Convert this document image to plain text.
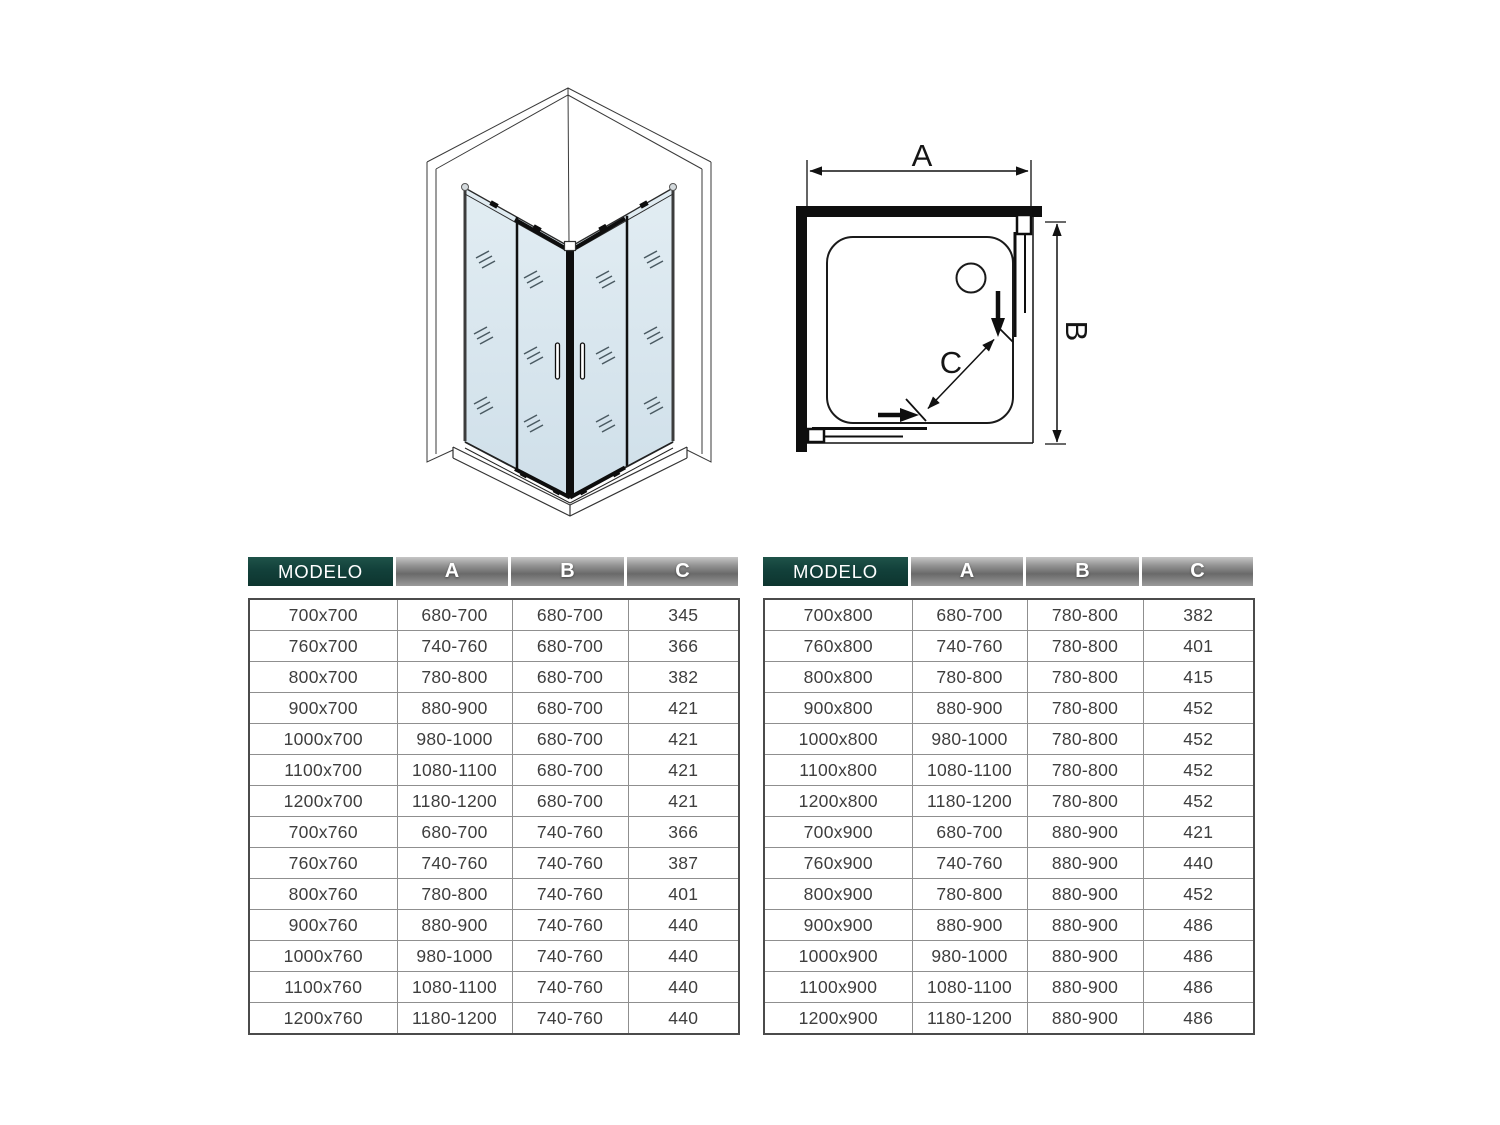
C
A
B
MODELO	A	B	C
700x700	680-700	680-700	345
760x700	740-760	680-700	366
800x700	780-800	680-700	382
900x700	880-900	680-700	421
1000x700	980-1000	680-700	421
1100x700	1080-1100	680-700	421
1200x700	1180-1200	680-700	421
700x760	680-700	740-760	366
760x760	740-760	740-760	387
800x760	780-800	740-760	401
900x760	880-900	740-760	440
1000x760	980-1000	740-760	440
1100x760	1080-1100	740-760	440
1200x760	1180-1200	740-760	440
MODELO	A	B	C
700x800	680-700	780-800	382
760x800	740-760	780-800	401
800x800	780-800	780-800	415
900x800	880-900	780-800	452
1000x800	980-1000	780-800	452
1100x800	1080-1100	780-800	452
1200x800	1180-1200	780-800	452
700x900	680-700	880-900	421
760x900	740-760	880-900	440
800x900	780-800	880-900	452
900x900	880-900	880-900	486
1000x900	980-1000	880-900	486
1100x900	1080-1100	880-900	486
1200x900	1180-1200	880-900	486
